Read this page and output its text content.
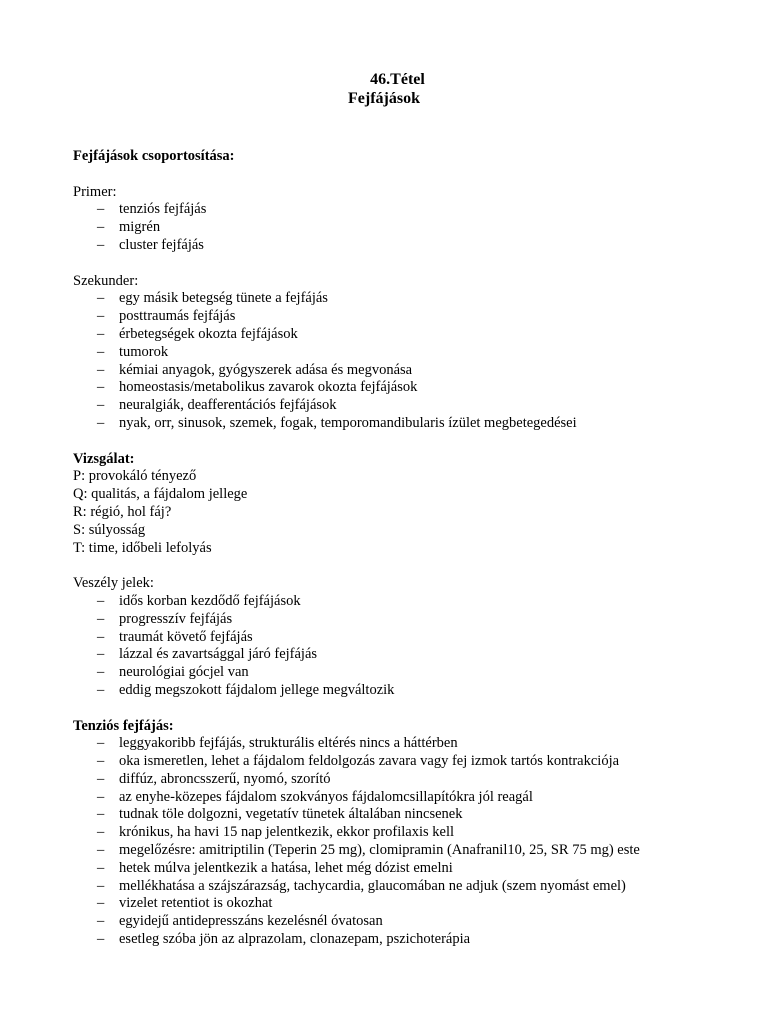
46.Tétel
Fejfájások

Fejfájások csoportosítása:

Primer:

– tenziós fejfájás
– migrén
– cluster fejfájás

Szekunder:

– egy másik betegség tünete a fejfájás
– posttraumás fejfájás
– érbetegségek okozta fejfájások
– tumorok
– kémiai anyagok, gyógyszerek adása és megvonása
– homeostasis/metabolikus zavarok okozta fejfájások
– neuralgiák, deafferentációs fejfájások
– nyak, orr, sinusok, szemek, fogak, temporomandibularis ízület megbetegedései

Vizsgálat:

P: provokáló tényező

Q: qualitás, a fájdalom jellege

R: régió, hol fáj?

S: súlyosság

T: time, időbeli lefolyás

Veszély jelek:

– idős korban kezdődő fejfájások
– progresszív fejfájás
– traumát követő fejfájás
– lázzal és zavartsággal járó fejfájás
– neurológiai gócjel van
– eddig megszokott fájdalom jellege megváltozik

Tenziós fejfájás:

– leggyakoribb fejfájás, strukturális eltérés nincs a háttérben
– oka ismeretlen, lehet a fájdalom feldolgozás zavara vagy fej izmok tartós kontrakciója
– diffúz, abroncsszerű, nyomó, szorító
– az enyhe-közepes fájdalom szokványos fájdalomcsillapítókra jól reagál
– tudnak töle dolgozni, vegetatív tünetek általában nincsenek
– krónikus, ha havi 15 nap jelentkezik, ekkor profilaxis kell
– megelőzésre: amitriptilin (Teperin 25 mg), clomipramin (Anafranil10, 25, SR 75 mg) este
– hetek múlva jelentkezik a hatása, lehet még dózist emelni
– mellékhatása a szájszárazság, tachycardia, glaucomában ne adjuk (szem nyomást emel)
– vizelet retentiot is okozhat
– egyidejű antidepresszáns kezelésnél óvatosan
– esetleg szóba jön az alprazolam, clonazepam, pszichoterápia
